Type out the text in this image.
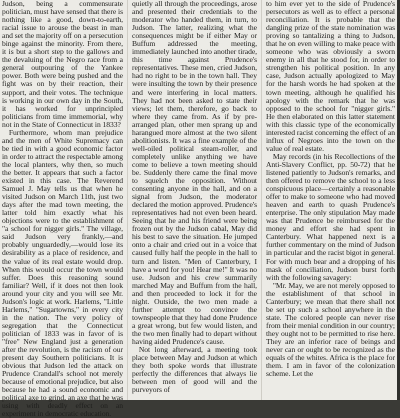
Judson, being a commensurate politician, must have sensed that there is nothing like a good, down-to-earth, racial issue to arouse the beast in man and set the majority off on a persecution binge against the minority. From there, it is but a short step to the gallows and the devaluing of the Negro race from a general outpouring of the Yankee power. Both were being pushed and the fight was on by their reaction, their support, and their votes. The technique is working in our own day in the South, it has worked for unprincipled politicians from time immemorial, why not in the State of Connecticut in 1833?

Furthermore, whom man prejudice and the men of White Supremacy can be tied in with a good economic factor in order to attract the respectable among the local planters, why then, so much the better. It appears that such a factor existed in this case. The Reverend Samuel J. May tells us that when he visited Judson on March 11th, just two days after the mad town meeting, the latter told him exactly what his objections were to the establishment of "a school for nigger girls." The village, said Judson very frankly,—and probably unguardedly,—would lose its desirability as a place of residence, and the value of its real estate would drop. When this would occur the town would suffer. Does this reasoning sound familiar? Well, if it does not then look around your city and you will see Mr. Judson's logic at work. Harlems, "Little Harlems," "Sugartowns," in every city in the nation. The very policy of segregation that the Connecticut politician of 1833 was in favor of is "free" New England just a generation after the revolution, is the racism of our present day Southern politicians. It is obvious that Judson led the attack on Prudence Crandall's school not merely because of emotional prejudice, but also because he had a sound economic and political axe to grind, an axe that he was using with deadly effect on an experiment in democratic education.

quietly all through the proceedings, arose and presented their credentials to the moderator who handed them, in turn, to Judson. The latter, realizing what the consequences might be if either May or Buffum addressed the meeting, immediately launched into another tirade, this time against Prudence's representatives. These men, cried Judson, had no right to be in the town hall. They were insulting the town by their presence and were interfering in local matters. They had not been asked to state their views; let them, therefore, go back to where they came from. As if by pre-arranged plan, other men sprang up and harangued more almost at the two silent abolitionists. It was a fine example of the well-oiled political steam-roller, and completely unlike anything we have come to believe a town meeting should be. Suddenly there came the final move to squelch the opposition. Without consenting anyone in the hall, and on a signal from Judson, the moderator declared the motion approved. Prudence's representatives had not even been heard. Seeing that he and his friend were being frozen out by the Judson cabal, May did his best to save the situation. He jumped onto a chair and cried out in a voice that caused fully half the people in the hall to turn and listen. "Men of Canterbury, I have a word for you! Hear me!" It was no use. Judson and his crew summarily marched May and Buffum from the hall, and then proceeded to lock it for the night. Outside, the two men made a further attempt to convince the townspeople that they had done Prudence a great wrong, but few would listen, and the two men finally had to depart without having aided Prudence's cause.

Not long afterward, a meeting took place between May and Judson at which they both spoke words that illustrate perfectly the differences that always lie between men of good will and the purveyors of

to him ever yet to the side of Prudence's persecutors as well as to effect a personal reconciliation. It is probable that the dangling prize of the state nomination was proving so tantalizing a thing to Judson, that he on even willing to make peace with someone who was obviously a sworn enemy in all that he stood for, in order to strengthen his political position. In any case, Judson actually apologized to May for the harsh words he had spoken at the town meeting, although he qualified his apology with the remark that he was opposed to the school for "nigger girls." He then elaborated on this latter statement with this classic type of the economically interested racist concerning the effect of an influx of Negroes into the town on the value of real estate.

May records (in his Recollections of the Anti-Slavery Conflict, pp. 50-72) that he listened patiently to Judson's remarks, and then offered to remove the school to a less conspicuous place—certainly a reasonable offer to make to someone who had moved heaven and earth to quash Prudence's enterprise. The only stipulation May made was that Prudence be reimbursed for the money and effort she had spent in Canterbury. What happened next is a further commentary on the mind of Judson in particular and the racist bigot in general. For with much bear and a dropping of his mask of conciliation, Judson burst forth with the following savagery:

"Mr. May, we are not merely opposed to the establishment of that school in Canterbury; we mean that there shall not be set up such a school anywhere in the state. The colored people can never rise from their menial condition in our country; they ought not to be permitted to rise here. They are an inferior race of beings and never can or ought to be recognized as the equals of the whites. Africa is the place for them. I am in favor of the colonization scheme. Let the
